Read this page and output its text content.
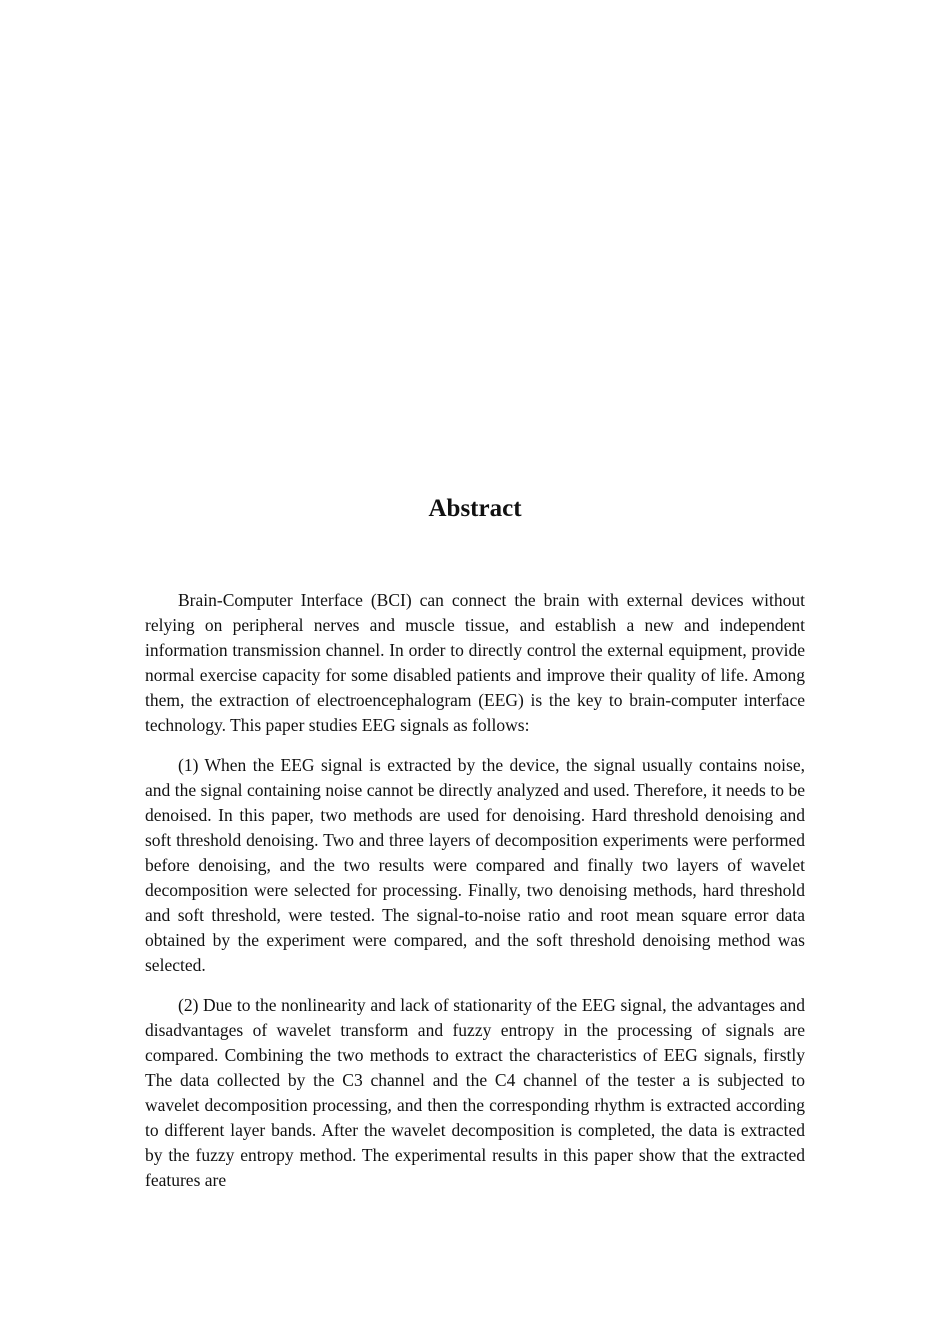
Abstract

Brain-Computer Interface (BCI) can connect the brain with external devices without relying on peripheral nerves and muscle tissue, and establish a new and independent information transmission channel. In order to directly control the external equipment, provide normal exercise capacity for some disabled patients and improve their quality of life. Among them, the extraction of electroencephalogram (EEG) is the key to brain-computer interface technology. This paper studies EEG signals as follows:

(1) When the EEG signal is extracted by the device, the signal usually contains noise, and the signal containing noise cannot be directly analyzed and used. Therefore, it needs to be denoised. In this paper, two methods are used for denoising. Hard threshold denoising and soft threshold denoising. Two and three layers of decomposition experiments were performed before denoising, and the two results were compared and finally two layers of wavelet decomposition were selected for processing. Finally, two denoising methods, hard threshold and soft threshold, were tested. The signal-to-noise ratio and root mean square error data obtained by the experiment were compared, and the soft threshold denoising method was selected.

(2) Due to the nonlinearity and lack of stationarity of the EEG signal, the advantages and disadvantages of wavelet transform and fuzzy entropy in the processing of signals are compared. Combining the two methods to extract the characteristics of EEG signals, firstly The data collected by the C3 channel and the C4 channel of the tester a is subjected to wavelet decomposition processing, and then the corresponding rhythm is extracted according to different layer bands. After the wavelet decomposition is completed, the data is extracted by the fuzzy entropy method. The experimental results in this paper show that the extracted features are
